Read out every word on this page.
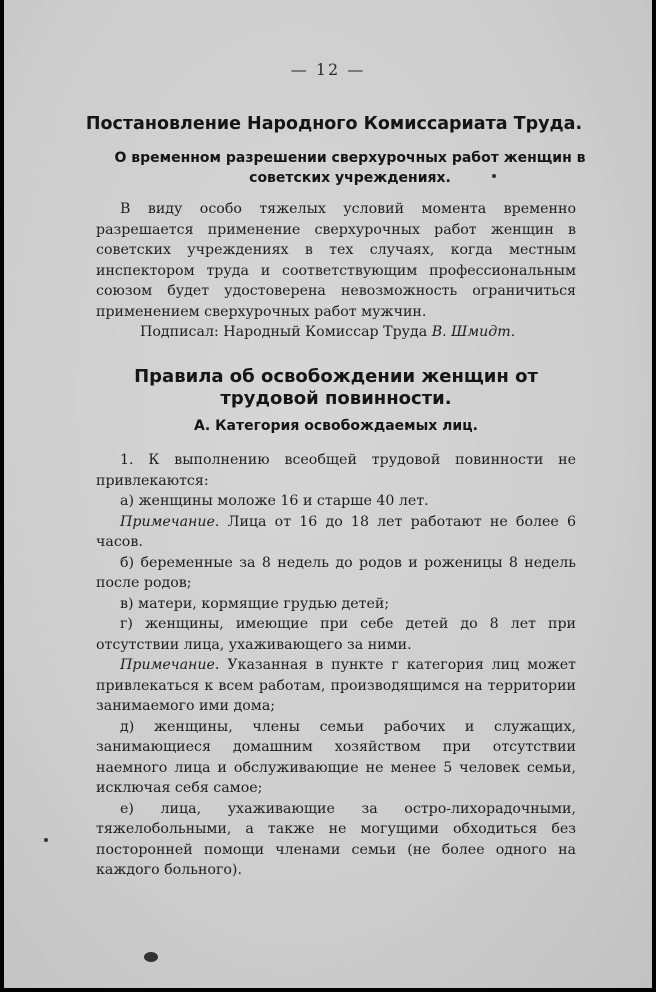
— 12 —
Постановление Народного Комиссариата Труда.
О временном разрешении сверхурочных работ женщин в советских учреждениях.

В виду особо тяжелых условий момента временно разрешается применение сверхурочных работ женщин в советских учреждениях в тех случаях, когда местным инспектором труда и соответствующим профессиональным союзом будет удостоверена невозможность ограничиться применением сверхурочных работ мужчин.

Подписал: Народный Комиссар Труда В. Шмидт.

Правила об освобождении женщин от трудовой повинности.
А. Категория освобождаемых лиц.

1. К выполнению всеобщей трудовой повинности не привлекаются:

а) женщины моложе 16 и старше 40 лет.

Примечание. Лица от 16 до 18 лет работают не более 6 часов.

б) беременные за 8 недель до родов и роженицы 8 недель после родов;

в) матери, кормящие грудью детей;

г) женщины, имеющие при себе детей до 8 лет при отсутствии лица, ухаживающего за ними.

Примечание. Указанная в пункте г категория лиц может привлекаться к всем работам, производящимся на территории занимаемого ими дома;

д) женщины, члены семьи рабочих и служащих, занимающиеся домашним хозяйством при отсутствии наемного лица и обслуживающие не менее 5 человек семьи, исключая себя самое;

е) лица, ухаживающие за остро-лихорадочными, тяжелобольными, а также не могущими обходиться без посторонней помощи членами семьи (не более одного на каждого больного).
